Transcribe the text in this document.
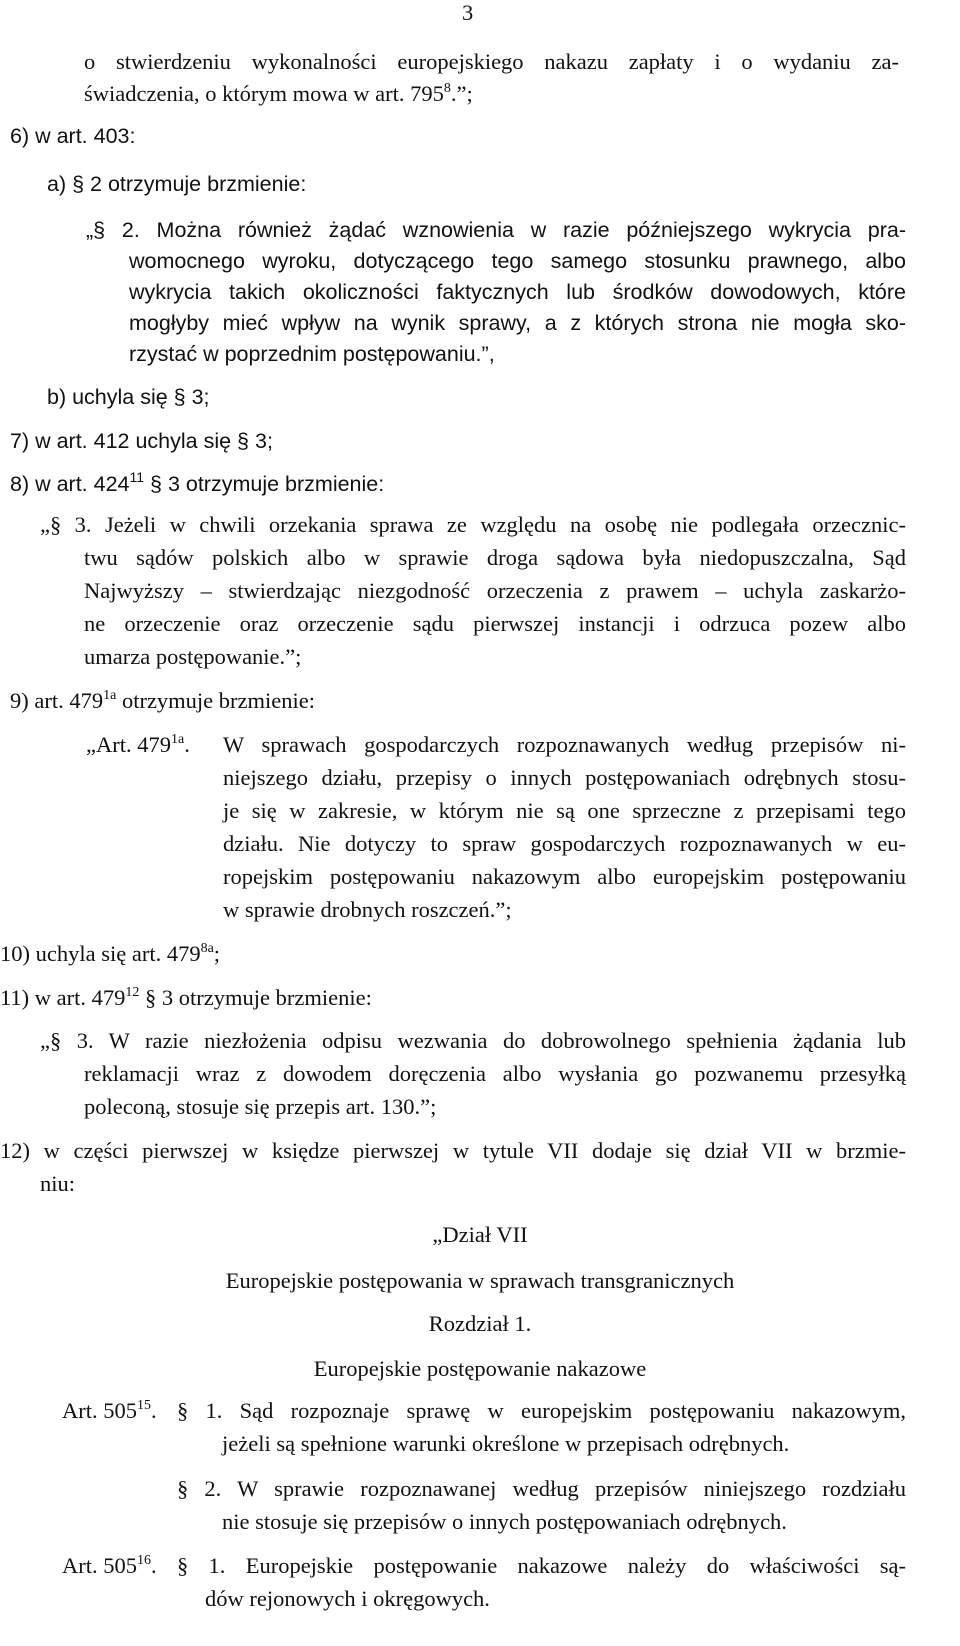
3
o stwierdzeniu wykonalności europejskiego nakazu zapłaty i o wydaniu za-
świadczenia, o którym mowa w art. $795^8$.”;
6) w art. 403:
a) § 2 otrzymuje brzmienie:
„§ 2. Można również żądać wznowienia w razie późniejszego wykrycia pra-
womocnego wyroku, dotyczącego tego samego stosunku prawnego, albo
wykrycia takich okoliczności faktycznych lub środków dowodowych, które
mogłyby mieć wpływ na wynik sprawy, a z których strona nie mogła sko-
rzystać w poprzednim postępowaniu.”,
b) uchyla się § 3;
7) w art. 412 uchyla się § 3;
8) w art. $424^{11}$ § 3 otrzymuje brzmienie:
„§ 3. Jeżeli w chwili orzekania sprawa ze względu na osobę nie podlegała orzecznic-
twu sądów polskich albo w sprawie droga sądowa była niedopuszczalna, Sąd
Najwyższy – stwierdzając niezgodność orzeczenia z prawem – uchyla zaskarżo-
ne orzeczenie oraz orzeczenie sądu pierwszej instancji i odrzuca pozew albo
umarza postępowanie.”;
9) art. $479^{1a}$ otrzymuje brzmienie:
„Art. $479^{1a}$. W sprawach gospodarczych rozpoznawanych według przepisów ni-
niejszego działu, przepisy o innych postępowaniach odrębnych stosu-
je się w zakresie, w którym nie są one sprzeczne z przepisami tego
działu. Nie dotyczy to spraw gospodarczych rozpoznawanych w eu-
ropejskim postępowaniu nakazowym albo europejskim postępowaniu
w sprawie drobnych roszczeń.”;
10) uchyla się art. $479^{8a}$;
11) w art. $479^{12}$ § 3 otrzymuje brzmienie:
„§ 3. W razie niezłożenia odpisu wezwania do dobrowolnego spełnienia żądania lub
reklamacji wraz z dowodem doręczenia albo wysłania go pozwanemu przesyłką
poleconą, stosuje się przepis art. 130.”;
12) w części pierwszej w księdze pierwszej w tytule VII dodaje się dział VII w brzmie-
niu:
„Dział VII
Europejskie postępowania w sprawach transgranicznych
Rozdział 1.
Europejskie postępowanie nakazowe
Art. $505^{15}$. § 1. Sąd rozpoznaje sprawę w europejskim postępowaniu nakazowym,
jeżeli są spełnione warunki określone w przepisach odrębnych.
§ 2. W sprawie rozpoznawanej według przepisów niniejszego rozdziału
nie stosuje się przepisów o innych postępowaniach odrębnych.
Art. $505^{16}$. § 1. Europejskie postępowanie nakazowe należy do właściwości są-
dów rejonowych i okręgowych.
